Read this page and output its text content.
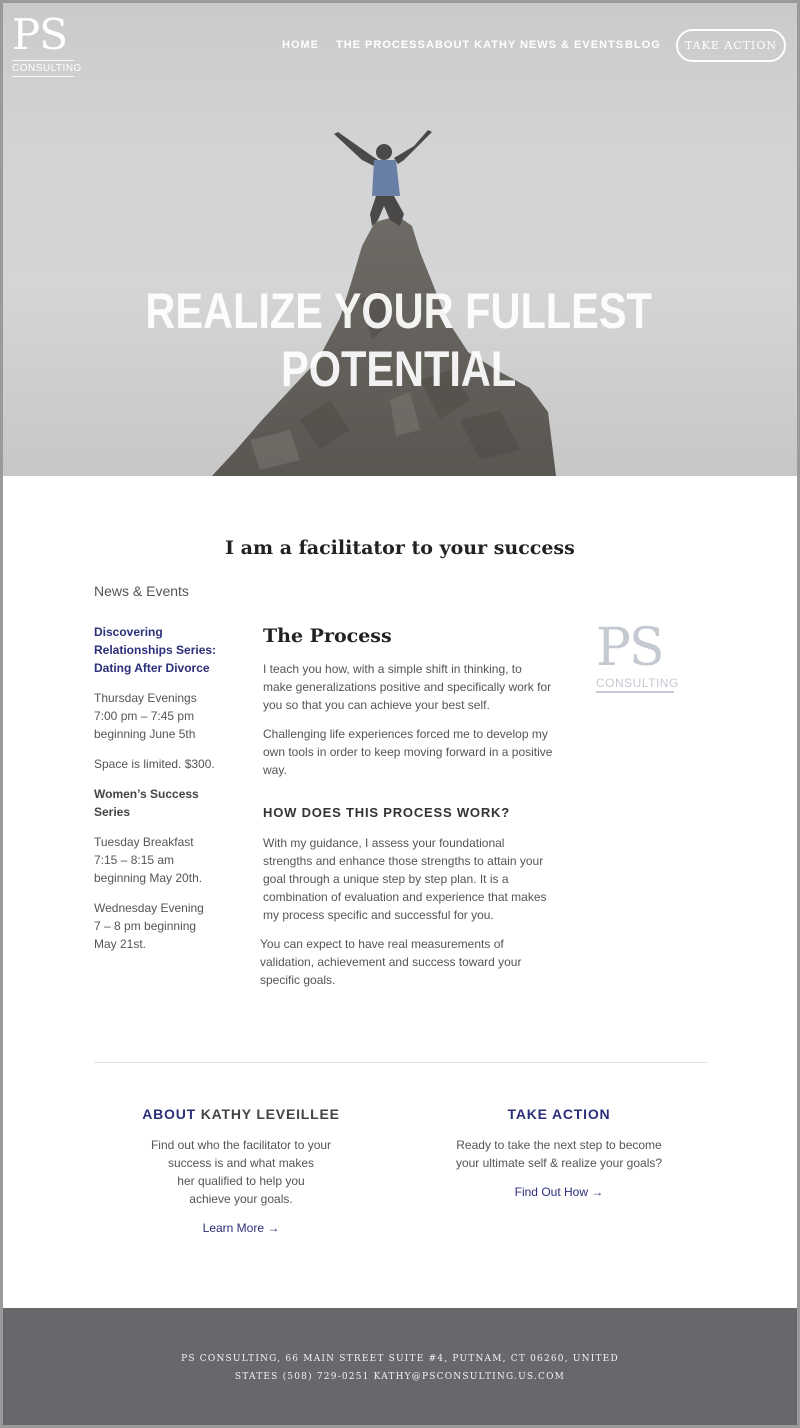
PS
CONSULTING
HOME THE PROCESS ABOUT KATHY NEWS & EVENTS BLOG	TAKE ACTION
REALIZE YOUR FULLEST POTENTIAL
I am a facilitator to your success
News & Events

Discovering
Relationships Series:
Dating After Divorce

Thursday Evenings
7:00 pm – 7:45 pm
beginning June 5th

Space is limited. $300.

Women’s Success Series

Tuesday Breakfast
7:15 – 8:15 am
beginning May 20th.

Wednesday Evening
7 – 8 pm beginning
May 21st.

The Process

I teach you how, with a simple shift in thinking, to make generalizations positive and specifically work for you so that you can achieve your best self.

Challenging life experiences forced me to develop my own tools in order to keep moving forward in a positive way.

HOW DOES THIS PROCESS WORK?

With my guidance, I assess your foundational strengths and enhance those strengths to attain your goal through a unique step by step plan. It is a combination of evaluation and experience that makes my process specific and successful for you.

You can expect to have real measurements of validation, achievement and success toward your specific goals.

PS
CONSULTING
ABOUT KATHY LEVEILLEE
Find out who the facilitator to your
success is and what makes
her qualified to help you
achieve your goals.
Learn More →
TAKE ACTION
Ready to take the next step to become
your ultimate self & realize your goals?
Find Out How →
PS CONSULTING, 66 MAIN STREET SUITE #4, PUTNAM, CT 06260, UNITED
STATES (508) 729-0251 KATHY@PSCONSULTING.US.COM
